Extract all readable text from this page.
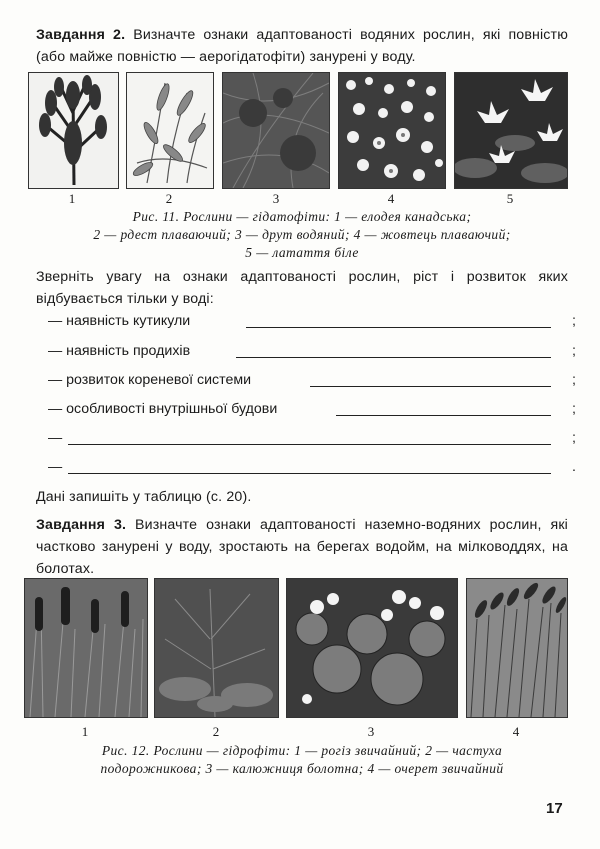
Завдання 2. Визначте ознаки адаптованості водяних рослин, які повністю (або майже повністю — аерогідатофіти) занурені у воду.
1	2	3	4	5
Рис. 11. Рослини — гідатофіти: 1 — елодея канадська;
2 — рдест плаваючий; 3 — друт водяний; 4 — жовтець плаваючий;
5 — латаття біле
Зверніть увагу на ознаки адаптованості рослин, ріст і розвиток яких відбувається тільки у воді:
— наявність кутикули	;
— наявність продихів	;
— розвиток кореневої системи	;
— особливості внутрішньої будови	;
—	;
—	.
Дані запишіть у таблицю (с. 20).
Завдання 3. Визначте ознаки адаптованості наземно-водяних рослин, які частково занурені у воду, зростають на берегах водойм, на мілководдях, на болотах.
1	2	3	4
Рис. 12. Рослини — гідрофіти: 1 — рогіз звичайний; 2 — частуха
подорожникова; 3 — калюжниця болотна; 4 — очерет звичайний
17
